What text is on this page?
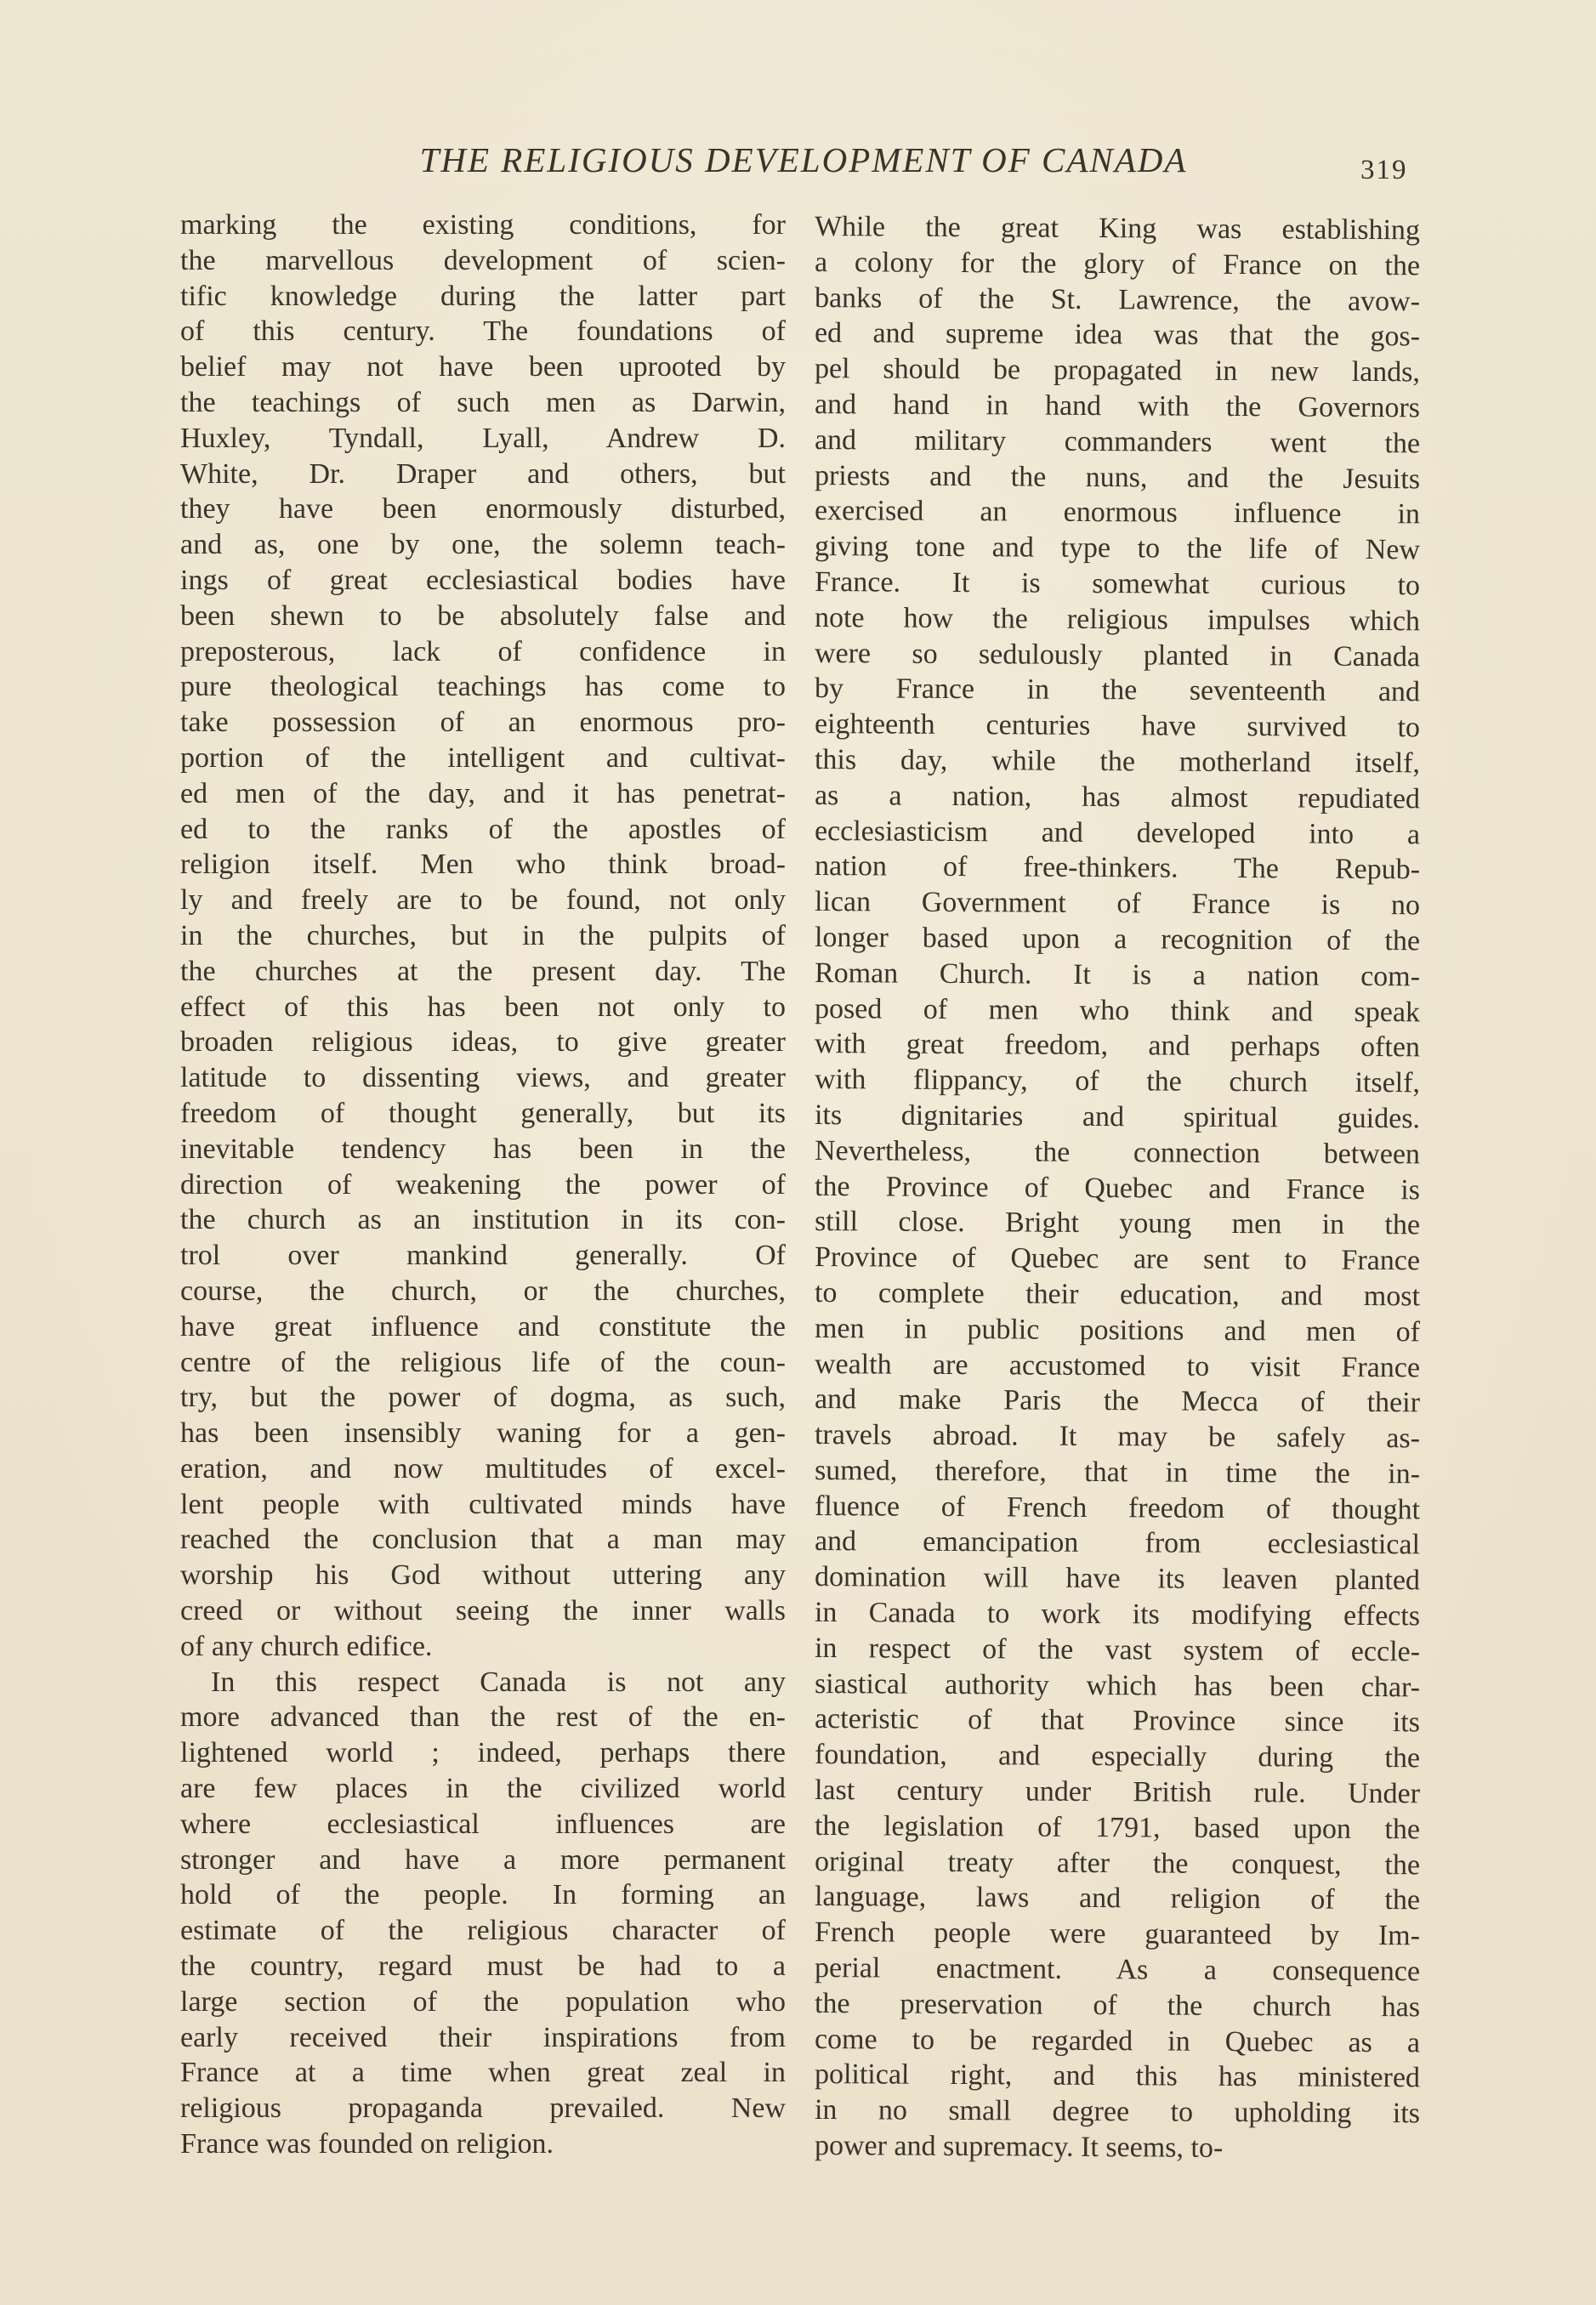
THE RELIGIOUS DEVELOPMENT OF CANADA	319
marking the existing conditions, for
the marvellous development of scien-
tific knowledge during the latter part
of this century. The foundations of
belief may not have been uprooted by
the teachings of such men as Darwin,
Huxley, Tyndall, Lyall, Andrew D.
White, Dr. Draper and others, but
they have been enormously disturbed,
and as, one by one, the solemn teach-
ings of great ecclesiastical bodies have
been shewn to be absolutely false and
preposterous, lack of confidence in
pure theological teachings has come to
take possession of an enormous pro-
portion of the intelligent and cultivat-
ed men of the day, and it has penetrat-
ed to the ranks of the apostles of
religion itself. Men who think broad-
ly and freely are to be found, not only
in the churches, but in the pulpits of
the churches at the present day. The
effect of this has been not only to
broaden religious ideas, to give greater
latitude to dissenting views, and greater
freedom of thought generally, but its
inevitable tendency has been in the
direction of weakening the power of
the church as an institution in its con-
trol over mankind generally. Of
course, the church, or the churches,
have great influence and constitute the
centre of the religious life of the coun-
try, but the power of dogma, as such,
has been insensibly waning for a gen-
eration, and now multitudes of excel-
lent people with cultivated minds have
reached the conclusion that a man may
worship his God without uttering any
creed or without seeing the inner walls
of any church edifice.
In this respect Canada is not any
more advanced than the rest of the en-
lightened world ; indeed, perhaps there
are few places in the civilized world
where ecclesiastical influences are
stronger and have a more permanent
hold of the people. In forming an
estimate of the religious character of
the country, regard must be had to a
large section of the population who
early received their inspirations from
France at a time when great zeal in
religious propaganda prevailed. New
France was founded on religion.
While the great King was establishing
a colony for the glory of France on the
banks of the St. Lawrence, the avow-
ed and supreme idea was that the gos-
pel should be propagated in new lands,
and hand in hand with the Governors
and military commanders went the
priests and the nuns, and the Jesuits
exercised an enormous influence in
giving tone and type to the life of New
France. It is somewhat curious to
note how the religious impulses which
were so sedulously planted in Canada
by France in the seventeenth and
eighteenth centuries have survived to
this day, while the motherland itself,
as a nation, has almost repudiated
ecclesiasticism and developed into a
nation of free-thinkers. The Repub-
lican Government of France is no
longer based upon a recognition of the
Roman Church. It is a nation com-
posed of men who think and speak
with great freedom, and perhaps often
with flippancy, of the church itself,
its dignitaries and spiritual guides.
Nevertheless, the connection between
the Province of Quebec and France is
still close. Bright young men in the
Province of Quebec are sent to France
to complete their education, and most
men in public positions and men of
wealth are accustomed to visit France
and make Paris the Mecca of their
travels abroad. It may be safely as-
sumed, therefore, that in time the in-
fluence of French freedom of thought
and emancipation from ecclesiastical
domination will have its leaven planted
in Canada to work its modifying effects
in respect of the vast system of eccle-
siastical authority which has been char-
acteristic of that Province since its
foundation, and especially during the
last century under British rule. Under
the legislation of 1791, based upon the
original treaty after the conquest, the
language, laws and religion of the
French people were guaranteed by Im-
perial enactment. As a consequence
the preservation of the church has
come to be regarded in Quebec as a
political right, and this has ministered
in no small degree to upholding its
power and supremacy. It seems, to-
